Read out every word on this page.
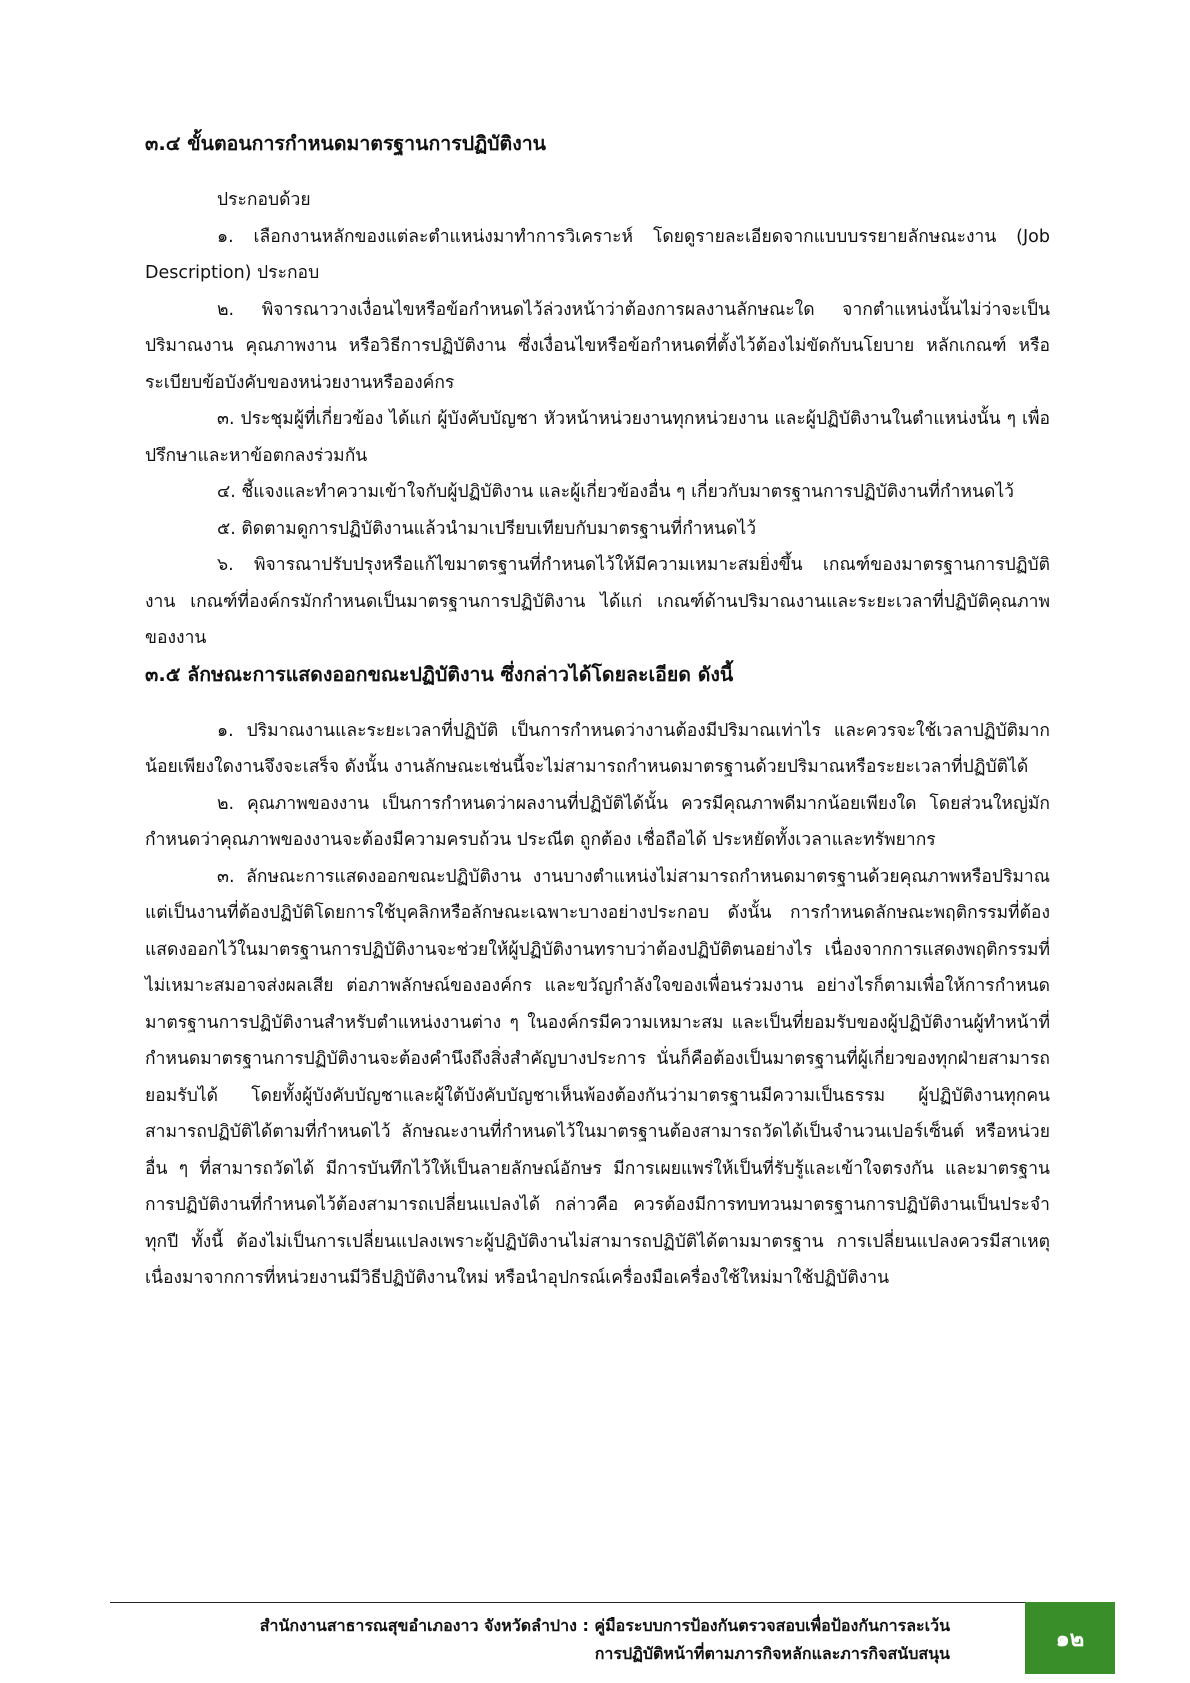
๓.๔ ขั้นตอนการกำหนดมาตรฐานการปฏิบัติงาน

ประกอบด้วย

๑. เลือกงานหลักของแต่ละตำแหน่งมาทำการวิเคราะห์ โดยดูรายละเอียดจากแบบบรรยายลักษณะงาน (Job Description) ประกอบ

๒. พิจารณาวางเงื่อนไขหรือข้อกำหนดไว้ล่วงหน้าว่าต้องการผลงานลักษณะใด จากตำแหน่งนั้นไม่ว่าจะเป็นปริมาณงาน คุณภาพงาน หรือวิธีการปฏิบัติงาน ซึ่งเงื่อนไขหรือข้อกำหนดที่ตั้งไว้ต้องไม่ขัดกับนโยบาย หลักเกณฑ์ หรือระเบียบข้อบังคับของหน่วยงานหรือองค์กร

๓. ประชุมผู้ที่เกี่ยวข้อง ได้แก่ ผู้บังคับบัญชา หัวหน้าหน่วยงานทุกหน่วยงาน และผู้ปฏิบัติงานในตำแหน่งนั้น ๆ เพื่อปรึกษาและหาข้อตกลงร่วมกัน

๔. ชี้แจงและทำความเข้าใจกับผู้ปฏิบัติงาน และผู้เกี่ยวข้องอื่น ๆ เกี่ยวกับมาตรฐานการปฏิบัติงานที่กำหนดไว้

๕. ติดตามดูการปฏิบัติงานแล้วนำมาเปรียบเทียบกับมาตรฐานที่กำหนดไว้

๖. พิจารณาปรับปรุงหรือแก้ไขมาตรฐานที่กำหนดไว้ให้มีความเหมาะสมยิ่งขึ้น เกณฑ์ของมาตรฐานการปฏิบัติงาน เกณฑ์ที่องค์กรมักกำหนดเป็นมาตรฐานการปฏิบัติงาน ได้แก่ เกณฑ์ด้านปริมาณงานและระยะเวลาที่ปฏิบัติคุณภาพของงาน

๓.๕ ลักษณะการแสดงออกขณะปฏิบัติงาน ซึ่งกล่าวได้โดยละเอียด ดังนี้

๑. ปริมาณงานและระยะเวลาที่ปฏิบัติ เป็นการกำหนดว่างานต้องมีปริมาณเท่าไร และควรจะใช้เวลาปฏิบัติมากน้อยเพียงใดงานจึงจะเสร็จ ดังนั้น งานลักษณะเช่นนี้จะไม่สามารถกำหนดมาตรฐานด้วยปริมาณหรือระยะเวลาที่ปฏิบัติได้

๒. คุณภาพของงาน เป็นการกำหนดว่าผลงานที่ปฏิบัติได้นั้น ควรมีคุณภาพดีมากน้อยเพียงใด โดยส่วนใหญ่มักกำหนดว่าคุณภาพของงานจะต้องมีความครบถ้วน ประณีต ถูกต้อง เชื่อถือได้ ประหยัดทั้งเวลาและทรัพยากร

๓. ลักษณะการแสดงออกขณะปฏิบัติงาน งานบางตำแหน่งไม่สามารถกำหนดมาตรฐานด้วยคุณภาพหรือปริมาณ แต่เป็นงานที่ต้องปฏิบัติโดยการใช้บุคลิกหรือลักษณะเฉพาะบางอย่างประกอบ ดังนั้น การกำหนดลักษณะพฤติกรรมที่ต้องแสดงออกไว้ในมาตรฐานการปฏิบัติงานจะช่วยให้ผู้ปฏิบัติงานทราบว่าต้องปฏิบัติตนอย่างไร เนื่องจากการแสดงพฤติกรรมที่ไม่เหมาะสมอาจส่งผลเสีย ต่อภาพลักษณ์ขององค์กร และขวัญกำลังใจของเพื่อนร่วมงาน อย่างไรก็ตามเพื่อให้การกำหนดมาตรฐานการปฏิบัติงานสำหรับตำแหน่งงานต่าง ๆ ในองค์กรมีความเหมาะสม และเป็นที่ยอมรับของผู้ปฏิบัติงานผู้ทำหน้าที่กำหนดมาตรฐานการปฏิบัติงานจะต้องคำนึงถึงสิ่งสำคัญบางประการ นั่นก็คือต้องเป็นมาตรฐานที่ผู้เกี่ยวของทุกฝ่ายสามารถยอมรับได้ โดยทั้งผู้บังคับบัญชาและผู้ใต้บังคับบัญชาเห็นพ้องต้องกันว่ามาตรฐานมีความเป็นธรรม ผู้ปฏิบัติงานทุกคนสามารถปฏิบัติได้ตามที่กำหนดไว้ ลักษณะงานที่กำหนดไว้ในมาตรฐานต้องสามารถวัดได้เป็นจำนวนเปอร์เซ็นต์ หรือหน่วยอื่น ๆ ที่สามารถวัดได้ มีการบันทึกไว้ให้เป็นลายลักษณ์อักษร มีการเผยแพร่ให้เป็นที่รับรู้และเข้าใจตรงกัน และมาตรฐานการปฏิบัติงานที่กำหนดไว้ต้องสามารถเปลี่ยนแปลงได้ กล่าวคือ ควรต้องมีการทบทวนมาตรฐานการปฏิบัติงานเป็นประจำทุกปี ทั้งนี้ ต้องไม่เป็นการเปลี่ยนแปลงเพราะผู้ปฏิบัติงานไม่สามารถปฏิบัติได้ตามมาตรฐาน การเปลี่ยนแปลงควรมีสาเหตุเนื่องมาจากการที่หน่วยงานมีวิธีปฏิบัติงานใหม่ หรือนำอุปกรณ์เครื่องมือเครื่องใช้ใหม่มาใช้ปฏิบัติงาน

สำนักงานสาธารณสุขอำเภองาว จังหวัดลำปาง : คู่มือระบบการป้องกันตรวจสอบเพื่อป้องกันการละเว้น
การปฏิบัติหน้าที่ตามภารกิจหลักและภารกิจสนับสนุน
๑๒
